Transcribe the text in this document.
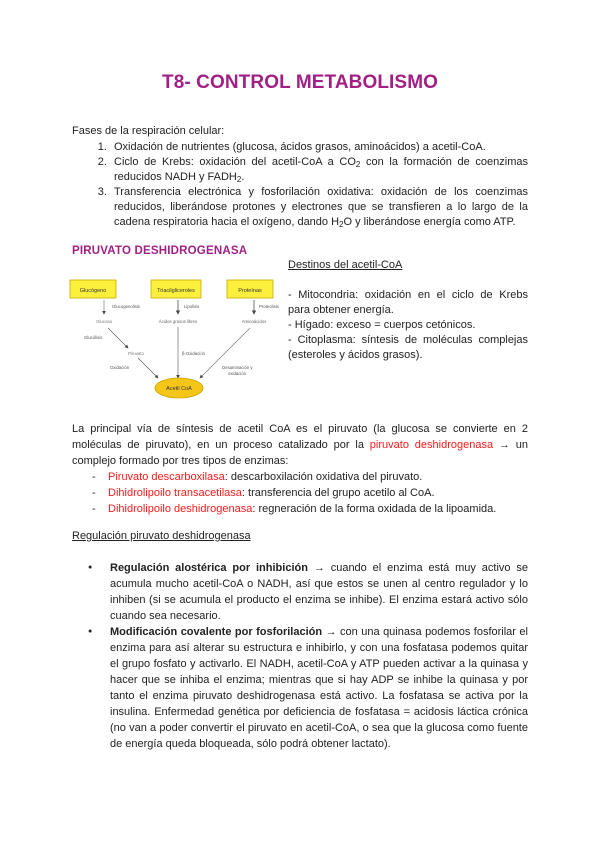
T8- CONTROL METABOLISMO
Fases de la respiración celular:
1. Oxidación de nutrientes (glucosa, ácidos grasos, aminoácidos) a acetil-CoA.
2. Ciclo de Krebs: oxidación del acetil-CoA a $CO_2$ con la formación de coenzimas reducidos NADH y $FADH_2$.
3. Transferencia electrónica y fosforilación oxidativa: oxidación de los coenzimas reducidos, liberándose protones y electrones que se transfieren a lo largo de la cadena respiratoria hacia el oxígeno, dando $H_2O$ y liberándose energía como ATP.
PIRUVATO DESHIDROGENASA
Glucógeno	Triacilgliceroles	Proteínas
Glucogenolisis	Lipolisis	Proteolisis
Glucosa	Ácidos grasos libres	Aminoácidos
Glucólisis
Piruvato
Oxidación
β-Oxidación
Desaminación y
oxidación
Acetil CoA
Destinos del acetil-CoA

- Mitocondria: oxidación en el ciclo de Krebs para obtener energía.

- Hígado: exceso = cuerpos cetónicos.

- Citoplasma: síntesis de moléculas complejas (esteroles y ácidos grasos).

La principal vía de síntesis de acetil CoA es el piruvato (la glucosa se convierte en 2 moléculas de piruvato), en un proceso catalizado por la piruvato deshidrogenasa → un complejo formado por tres tipos de enzimas:

- Piruvato descarboxilasa: descarboxilación oxidativa del piruvato.
- Dihidrolipoilo transacetilasa: transferencia del grupo acetilo al CoA.
- Dihidrolipoilo deshidrogenasa: regneración de la forma oxidada de la lipoamida.
Regulación piruvato deshidrogenasa
● Regulación alostérica por inhibición → cuando el enzima está muy activo se acumula mucho acetil-CoA o NADH, así que estos se unen al centro regulador y lo inhiben (si se acumula el producto el enzima se inhibe). El enzima estará activo sólo cuando sea necesario.
● Modificación covalente por fosforilación → con una quinasa podemos fosforilar el enzima para así alterar su estructura e inhibirlo, y con una fosfatasa podemos quitar el grupo fosfato y activarlo. El NADH, acetil-CoA y ATP pueden activar a la quinasa y hacer que se inhiba el enzima; mientras que si hay ADP se inhibe la quinasa y por tanto el enzima piruvato deshidrogenasa está activo. La fosfatasa se activa por la insulina. Enfermedad genética por deficiencia de fosfatasa = acidosis láctica crónica (no van a poder convertir el piruvato en acetil-CoA, o sea que la glucosa como fuente de energía queda bloqueada, sólo podrá obtener lactato).
